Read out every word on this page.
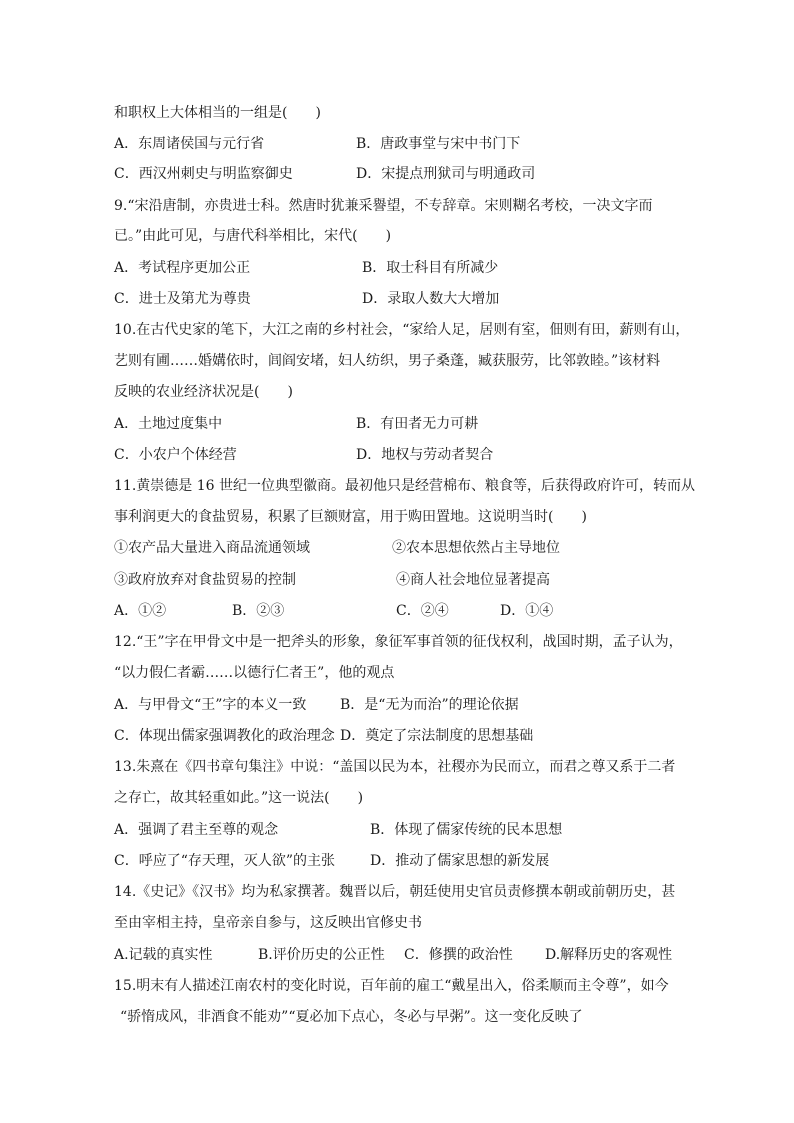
和职权上大体相当的一组是(　　)
A．东周诸侯国与元行省	B．唐政事堂与宋中书门下
C．西汉州刺史与明监察御史	D．宋提点刑狱司与明通政司
9.“宋沿唐制，亦贵进士科。然唐时犹兼采譽望，不专辞章。宋则糊名考校，一决文字而
已。”由此可见，与唐代科举相比，宋代(　　)
A．考试程序更加公正	B．取士科目有所减少
C．进士及第尤为尊贵	D．录取人数大大增加
10.在古代史家的笔下，大江之南的乡村社会，“家给人足，居则有室，佃则有田，薪则有山，
艺则有圃……婚媾依时，闾阎安堵，妇人纺织，男子桑蓬，臧获服劳，比邻敦睦。”该材料
反映的农业经济状况是(　　)
A．土地过度集中	B．有田者无力可耕
C．小农户个体经营	D．地权与劳动者契合
11.黄崇德是 16 世纪一位典型徽商。最初他只是经营棉布、粮食等，后获得政府许可，转而从
事利润更大的食盐贸易，积累了巨额财富，用于购田置地。这说明当时(　　)
①农产品大量进入商品流通领域	②农本思想依然占主导地位
③政府放弃对食盐贸易的控制	④商人社会地位显著提高
A．①②	B．②③	C．②④	D．①④
12.“王”字在甲骨文中是一把斧头的形象，象征军事首领的征伐权利，战国时期，孟子认为，
“以力假仁者霸……以德行仁者王”，他的观点
A．与甲骨文“王”字的本义一致 B．是“无为而治”的理论依据
C．体现出儒家强调教化的政治理念 D．奠定了宗法制度的思想基础
13.朱熹在《四书章句集注》中说：“盖国以民为本，社稷亦为民而立，而君之尊又系于二者
之存亡，故其轻重如此。”这一说法(　　)
A．强调了君主至尊的观念	B．体现了儒家传统的民本思想
C．呼应了“存天理，灭人欲”的主张 D．推动了儒家思想的新发展
14.《史记》《汉书》均为私家撰著。魏晋以后，朝廷使用史官员责修撰本朝或前朝历史，甚
至由宰相主持，皇帝亲自参与，这反映出官修史书
A.记载的真实性	B.评价历史的公正性 C．修撰的政治性 D.解释历史的客观性
15.明末有人描述江南农村的变化时说，百年前的雇工“戴星出入，俗柔顺而主令尊”，如今
“骄惰成风，非酒食不能劝”“夏必加下点心，冬必与早粥”。这一变化反映了
